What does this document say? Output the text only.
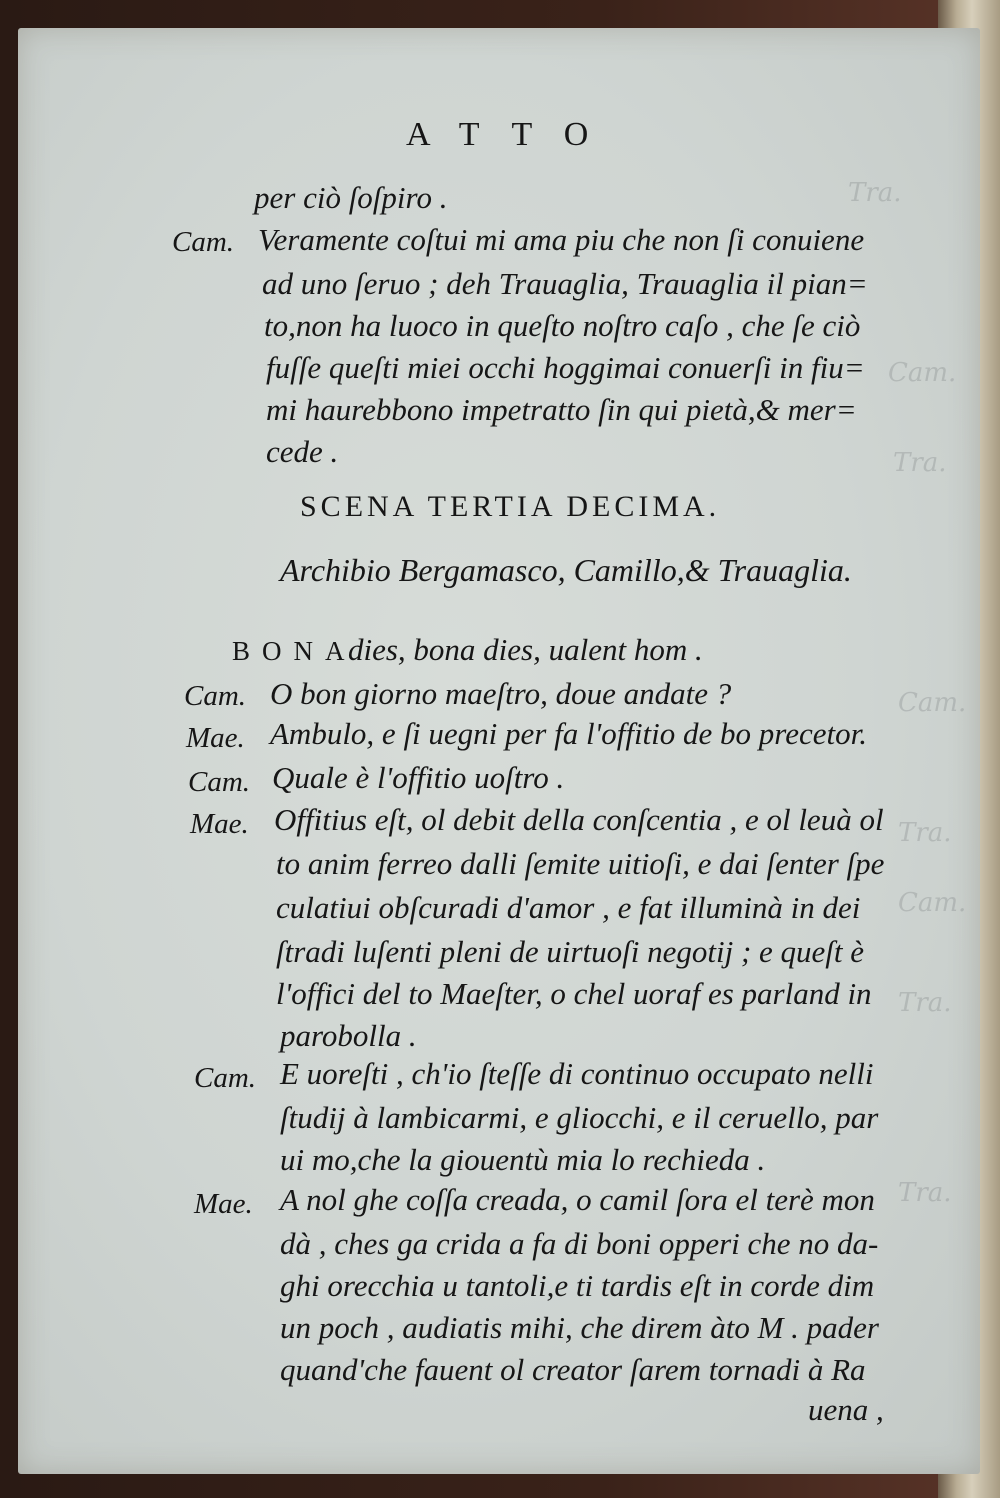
Tra.
Cam.
Tra.
Cam.
Tra.
Cam.
Tra.
Tra.
ATTO
per ciò ſoſpiro .
Cam. Veramente coſtui mi ama piu che non ſi conuiene
ad uno ſeruo ; deh Trauaglia, Trauaglia il pian=
to,non ha luoco in queſto noſtro caſo , che ſe ciò
fuſſe queſti miei occhi hoggimai conuerſi in fiu=
mi haurebbono impetratto ſin qui pietà,& mer=
cede .
SCENA TERTIA DECIMA.
Archibio Bergamasco, Camillo,& Trauaglia.
BONA
dies, bona dies, ualent hom .
Cam. O bon giorno maeſtro, doue andate ?
Mae. Ambulo, e ſi uegni per fa l'offitio de bo precetor.
Cam. Quale è l'offitio uoſtro .
Mae. Offitius eſt, ol debit della conſcentia , e ol leuà ol
to anim ferreo dalli ſemite uitioſi, e dai ſenter ſpe
culatiui obſcuradi d'amor , e fat illuminà in dei
ſtradi luſenti pleni de uirtuoſi negotij ; e queſt è
l'offici del to Maeſter, o chel uoraf es parland in
parobolla .
Cam. E uoreſti , ch'io ſteſſe di continuo occupato nelli
ſtudij à lambicarmi, e gliocchi, e il ceruello, par
ui mo,che la giouentù mia lo rechieda .
Mae. A nol ghe coſſa creada, o camil ſora el terè mon
dà , ches ga crida a fa di boni opperi che no da-
ghi orecchia u tantoli,e ti tardis eſt in corde dim
un poch , audiatis mihi, che direm àto M . pader
quand'che fauent ol creator ſarem tornadi à Ra
uena ,
